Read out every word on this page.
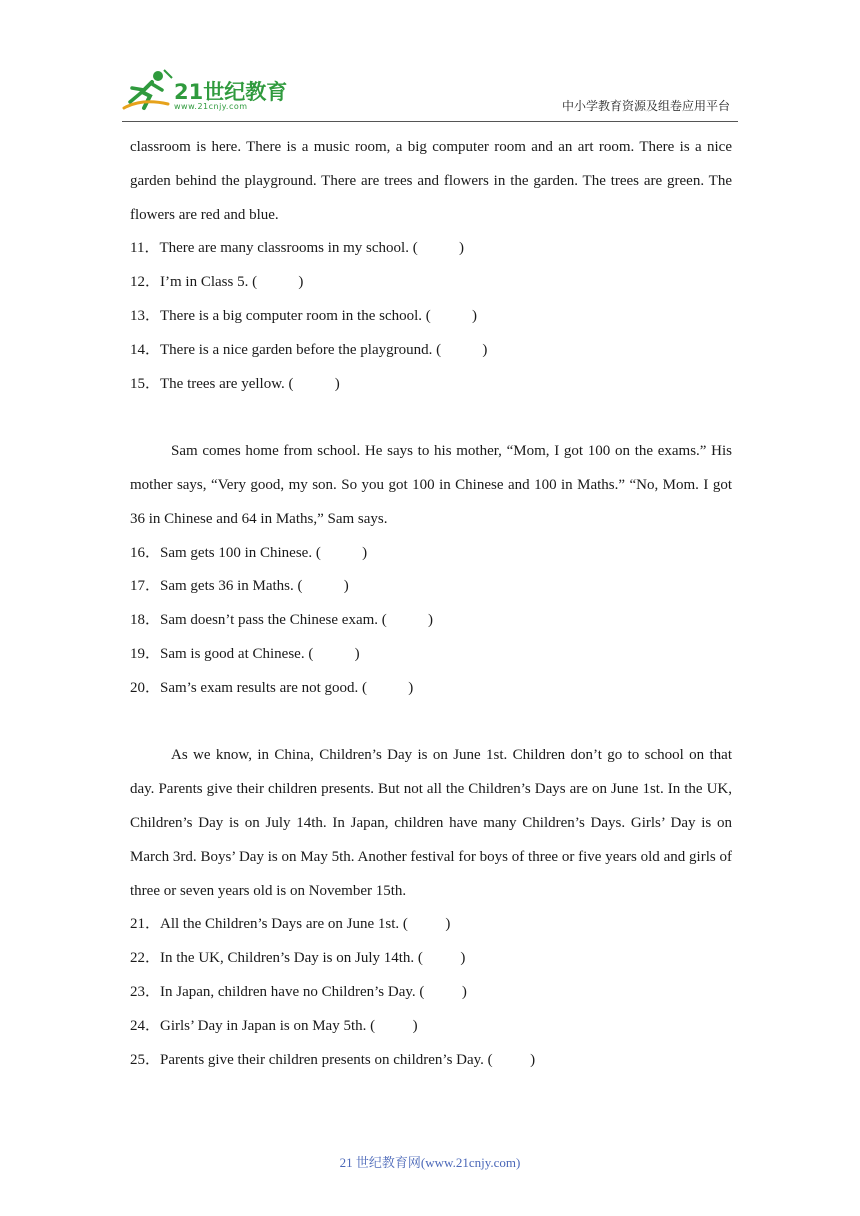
21世纪教育
www.21cnjy.com	中小学教育资源及组卷应用平台

classroom is here. There is a music room, a big computer room and an art room. There is a nice garden behind the playground. There are trees and flowers in the garden. The trees are green. The flowers are red and blue.

11．There are many classrooms in my school. (           )

12．I’m in Class 5. (           )

13．There is a big computer room in the school. (           )

14．There is a nice garden before the playground. (           )

15．The trees are yellow. (           )

Sam comes home from school. He says to his mother, “Mom, I got 100 on the exams.” His mother says, “Very good, my son. So you got 100 in Chinese and 100 in Maths.” “No, Mom. I got 36 in Chinese and 64 in Maths,” Sam says.

16．Sam gets 100 in Chinese. (           )

17．Sam gets 36 in Maths. (           )

18．Sam doesn’t pass the Chinese exam. (           )

19．Sam is good at Chinese. (           )

20．Sam’s exam results are not good. (           )

As we know, in China, Children’s Day is on June 1st. Children don’t go to school on that day. Parents give their children presents. But not all the Children’s Days are on June 1st. In the UK, Children’s Day is on July 14th. In Japan, children have many Children’s Days. Girls’ Day is on March 3rd. Boys’ Day is on May 5th. Another festival for boys of three or five years old and girls of three or seven years old is on November 15th.

21．All the Children’s Days are on June 1st. (          )

22．In the UK, Children’s Day is on July 14th. (          )

23．In Japan, children have no Children’s Day. (          )

24．Girls’ Day in Japan is on May 5th. (          )

25．Parents give their children presents on children’s Day. (          )

21 世纪教育网(www.21cnjy.com)
